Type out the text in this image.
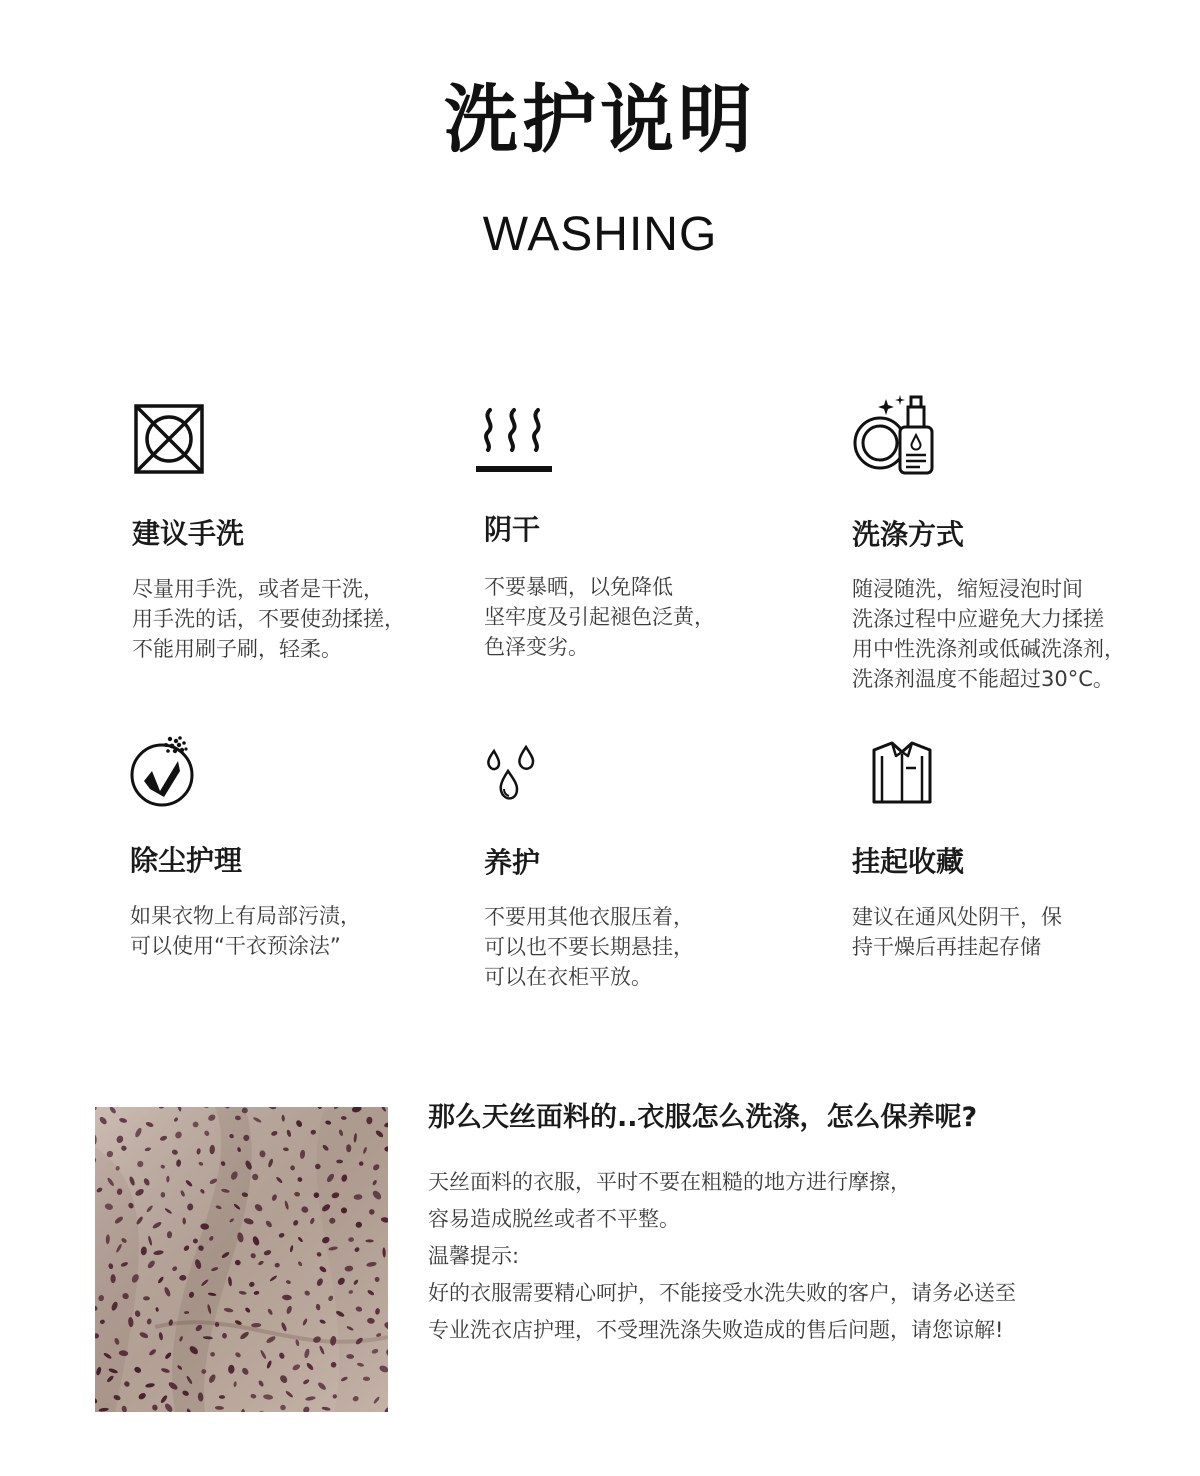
洗护说明
WASHING
建议手洗
尽量用手洗，或者是干洗，
用手洗的话，不要使劲揉搓，
不能用刷子刷，轻柔。
阴干
不要暴晒，以免降低
坚牢度及引起褪色泛黄，
色泽变劣。
洗涤方式
随浸随洗，缩短浸泡时间
洗涤过程中应避免大力揉搓
用中性洗涤剂或低碱洗涤剂，
洗涤剂温度不能超过30°C。
除尘护理
如果衣物上有局部污渍，
可以使用“干衣预涂法”
养护
不要用其他衣服压着，
可以也不要长期悬挂，
可以在衣柜平放。
挂起收藏
建议在通风处阴干，保
持干燥后再挂起存储
那么天丝面料的..衣服怎么洗涤，怎么保养呢?
天丝面料的衣服，平时不要在粗糙的地方进行摩擦，
容易造成脱丝或者不平整。
温馨提示:
好的衣服需要精心呵护，不能接受水洗失败的客户，请务必送至
专业洗衣店护理，不受理洗涤失败造成的售后问题，请您谅解!
